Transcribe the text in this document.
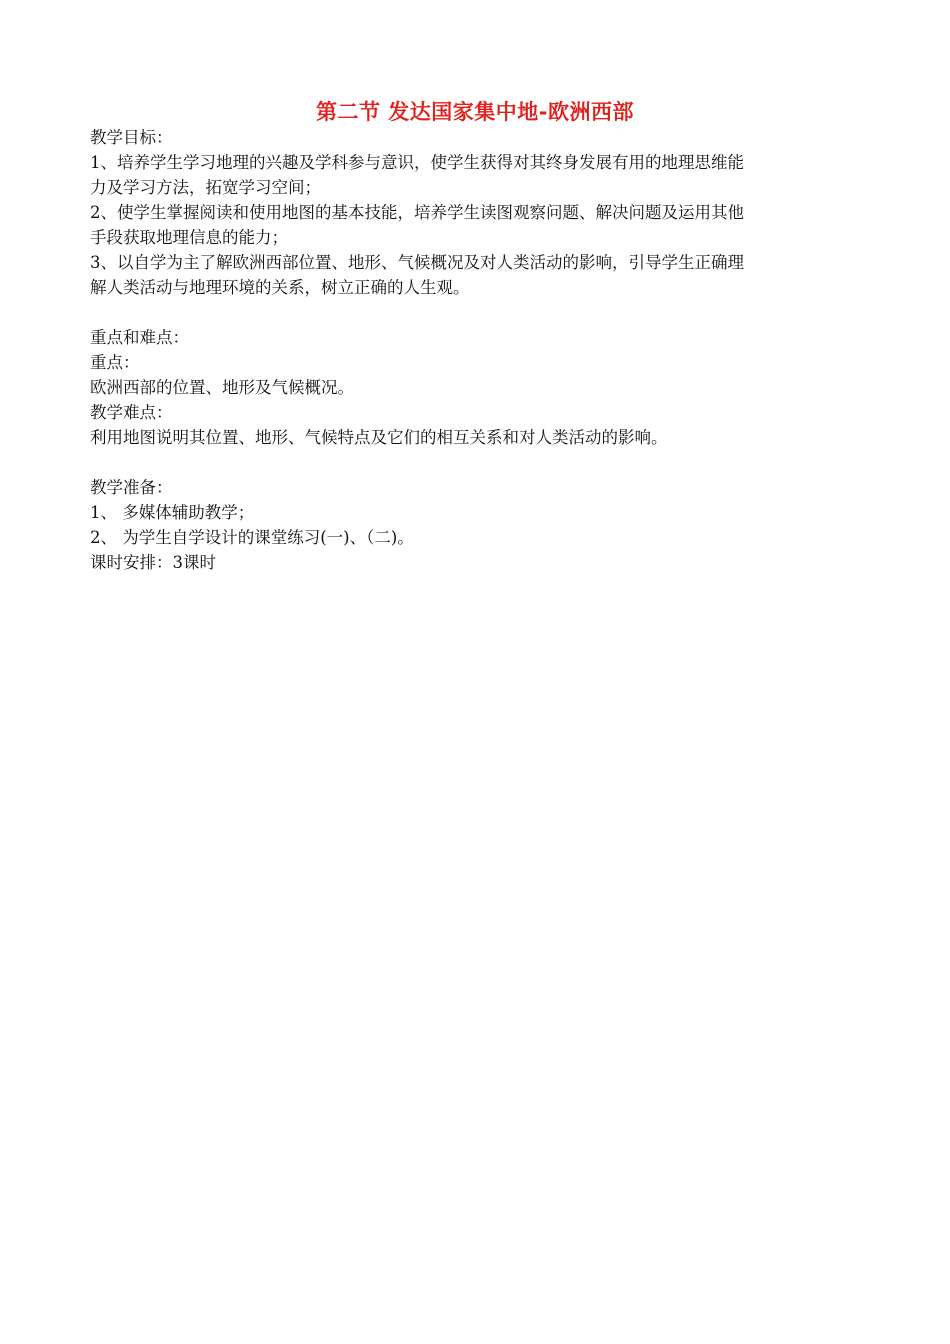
第二节 发达国家集中地-欧洲西部
教学目标：
1、培养学生学习地理的兴趣及学科参与意识，使学生获得对其终身发展有用的地理思维能
力及学习方法，拓宽学习空间；
2、使学生掌握阅读和使用地图的基本技能，培养学生读图观察问题、解决问题及运用其他
手段获取地理信息的能力；
3、以自学为主了解欧洲西部位置、地形、气候概况及对人类活动的影响，引导学生正确理
解人类活动与地理环境的关系，树立正确的人生观。
重点和难点：
重点：
欧洲西部的位置、地形及气候概况。
教学难点：
利用地图说明其位置、地形、气候特点及它们的相互关系和对人类活动的影响。
教学准备：
1、 多媒体辅助教学；
2、 为学生自学设计的课堂练习(一)、（二)。
课时安排：3课时
